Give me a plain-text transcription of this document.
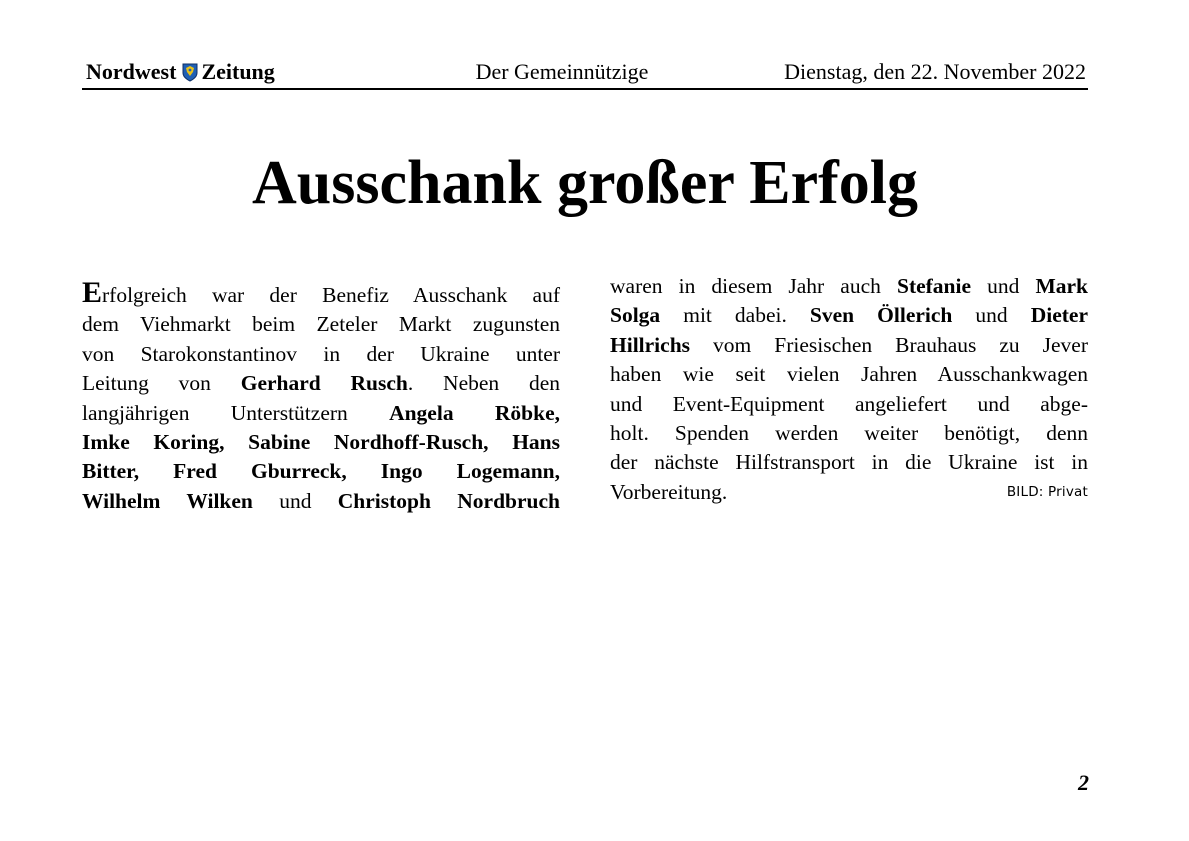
Nordwest Zeitung	Der Gemeinnützige	Dienstag, den 22. November 2022
Ausschank großer Erfolg

Erfolgreich war der Benefiz Ausschank auf
dem Viehmarkt beim Zeteler Markt zugunsten
von Starokonstantinov in der Ukraine unter
Leitung von Gerhard Rusch. Neben den
langjährigen Unterstützern Angela Röbke,
Imke Koring, Sabine Nordhoff-Rusch, Hans
Bitter, Fred Gburreck, Ingo Logemann,
Wilhelm Wilken und Christoph Nordbruch

waren in diesem Jahr auch Stefanie und Mark
Solga mit dabei. Sven Öllerich und Dieter
Hillrichs vom Friesischen Brauhaus zu Jever
haben wie seit vielen Jahren Ausschankwagen
und Event-Equipment angeliefert und abge-
holt. Spenden werden weiter benötigt, denn
der nächste Hilfstransport in die Ukraine ist in
Vorbereitung.	BILD: Privat

2
